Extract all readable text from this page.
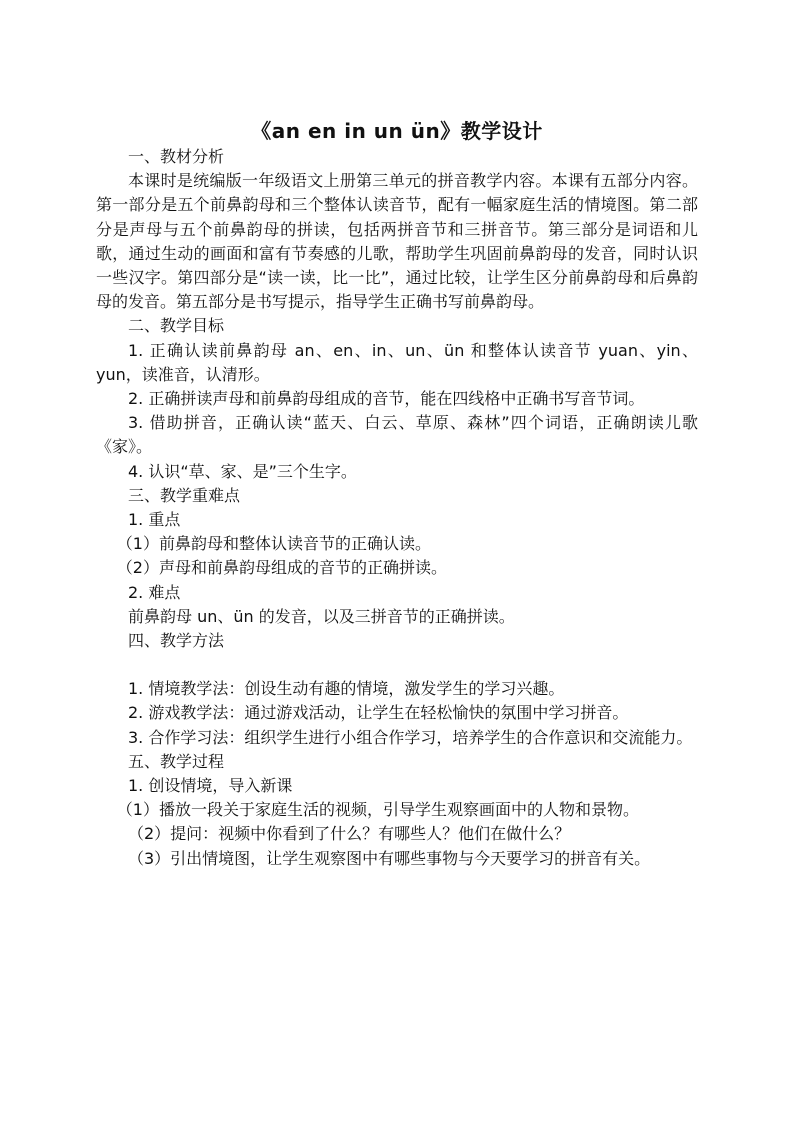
《an en in un ün》教学设计

一、教材分析

本课时是统编版一年级语文上册第三单元的拼音教学内容。本课有五部分内容。第一部分是五个前鼻韵母和三个整体认读音节，配有一幅家庭生活的情境图。第二部分是声母与五个前鼻韵母的拼读，包括两拼音节和三拼音节。第三部分是词语和儿歌，通过生动的画面和富有节奏感的儿歌，帮助学生巩固前鼻韵母的发音，同时认识一些汉字。第四部分是“读一读，比一比”，通过比较，让学生区分前鼻韵母和后鼻韵母的发音。第五部分是书写提示，指导学生正确书写前鼻韵母。

二、教学目标

1. 正确认读前鼻韵母 an、en、in、un、ün 和整体认读音节 yuan、yin、yun，读准音，认清形。

2. 正确拼读声母和前鼻韵母组成的音节，能在四线格中正确书写音节词。

3. 借助拼音，正确认读“蓝天、白云、草原、森林”四个词语，正确朗读儿歌《家》。

4. 认识“草、家、是”三个生字。

三、教学重难点

1. 重点

（1）前鼻韵母和整体认读音节的正确认读。

（2）声母和前鼻韵母组成的音节的正确拼读。

2. 难点

前鼻韵母 un、ün 的发音，以及三拼音节的正确拼读。

四、教学方法

1. 情境教学法：创设生动有趣的情境，激发学生的学习兴趣。

2. 游戏教学法：通过游戏活动，让学生在轻松愉快的氛围中学习拼音。

3. 合作学习法：组织学生进行小组合作学习，培养学生的合作意识和交流能力。

五、教学过程

1. 创设情境，导入新课

（1）播放一段关于家庭生活的视频，引导学生观察画面中的人物和景物。

（2）提问：视频中你看到了什么？有哪些人？他们在做什么？

（3）引出情境图，让学生观察图中有哪些事物与今天要学习的拼音有关。
